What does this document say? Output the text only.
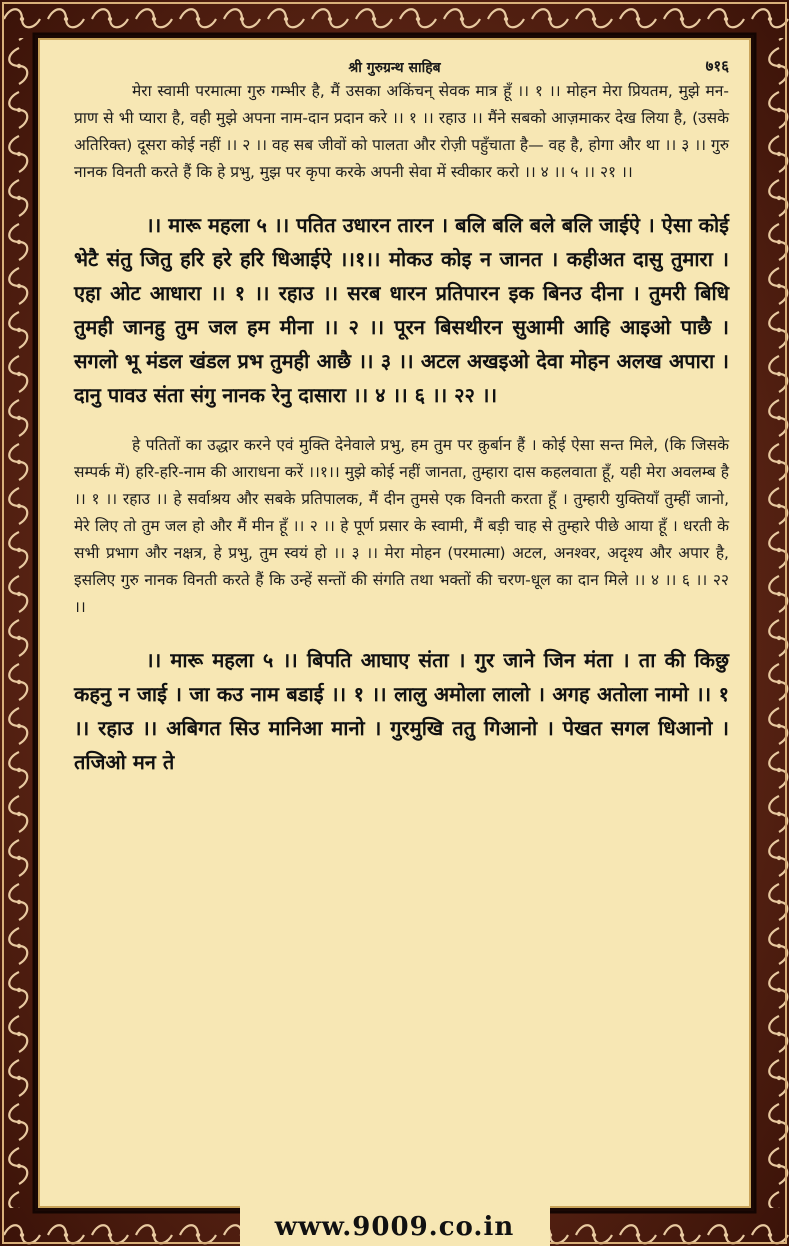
श्री गुरुग्रन्थ साहिब	७१६

मेरा स्वामी परमात्मा गुरु गम्भीर है, मैं उसका अकिंचन् सेवक मात्र हूँ ।। १ ।। मोहन मेरा प्रियतम, मुझे मन-प्राण से भी प्यारा है, वही मुझे अपना नाम-दान प्रदान करे ।। १ ।। रहाउ ।। मैंने सबको आज़माकर देख लिया है, (उसके अतिरिक्त) दूसरा कोई नहीं ।। २ ।। वह सब जीवों को पालता और रोज़ी पहुँचाता है— वह है, होगा और था ।। ३ ।। गुरु नानक विनती करते हैं कि हे प्रभु, मुझ पर कृपा करके अपनी सेवा में स्वीकार करो ।। ४ ।। ५ ।। २१ ।।

।। मारू महला ५ ।। पतित उधारन तारन । बलि बलि बले बलि जाईऐ । ऐसा कोई भेटै संतु जितु हरि हरे हरि धिआईऐ ।।१।। मोकउ कोइ न जानत । कहीअत दासु तुमारा । एहा ओट आधारा ।। १ ।। रहाउ ।। सरब धारन प्रतिपारन इक बिनउ दीना । तुमरी बिधि तुमही जानहु तुम जल हम मीना ।। २ ।। पूरन बिसथीरन सुआमी आहि आइओ पाछै । सगलो भू मंडल खंडल प्रभ तुमही आछै ।। ३ ।। अटल अखइओ देवा मोहन अलख अपारा । दानु पावउ संता संगु नानक रेनु दासारा ।। ४ ।। ६ ।। २२ ।।

हे पतितों का उद्धार करने एवं मुक्ति देनेवाले प्रभु, हम तुम पर क़ुर्बान हैं । कोई ऐसा सन्त मिले, (कि जिसके सम्पर्क में) हरि-हरि-नाम की आराधना करें ।।१।। मुझे कोई नहीं जानता, तुम्हारा दास कहलवाता हूँ, यही मेरा अवलम्ब है ।। १ ।। रहाउ ।। हे सर्वाश्रय और सबके प्रतिपालक, मैं दीन तुमसे एक विनती करता हूँ । तुम्हारी युक्तियाँ तुम्हीं जानो, मेरे लिए तो तुम जल हो और मैं मीन हूँ ।। २ ।। हे पूर्ण प्रसार के स्वामी, मैं बड़ी चाह से तुम्हारे पीछे आया हूँ । धरती के सभी प्रभाग और नक्षत्र, हे प्रभु, तुम स्वयं हो ।। ३ ।। मेरा मोहन (परमात्मा) अटल, अनश्वर, अदृश्य और अपार है, इसलिए गुरु नानक विनती करते हैं कि उन्हें सन्तों की संगति तथा भक्तों की चरण-धूल का दान मिले ।। ४ ।। ६ ।। २२ ।।

।। मारू महला ५ ।। बिपति आघाए संता । गुर जाने जिन मंता । ता की किछु कहनु न जाई । जा कउ नाम बडाई ।। १ ।। लालु अमोला लालो । अगह अतोला नामो ।। १ ।। रहाउ ।। अबिगत सिउ मानिआ मानो । गुरमुखि ततु गिआनो । पेखत सगल धिआनो । तजिओ मन ते

www.9009.co.in
